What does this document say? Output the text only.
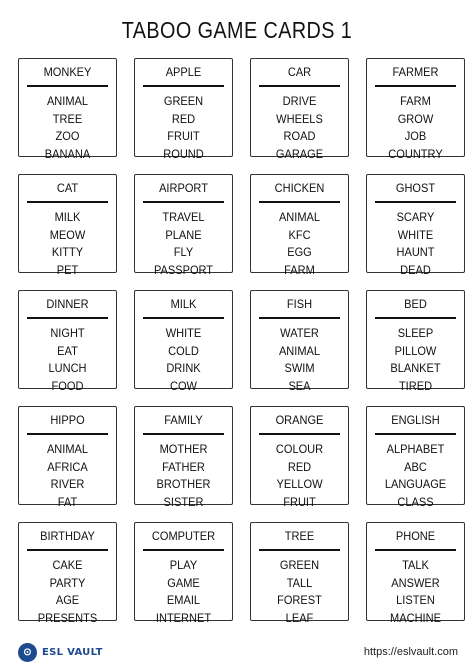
TABOO GAME CARDS 1
MONKEY
ANIMAL
TREE
ZOO
BANANA
APPLE
GREEN
RED
FRUIT
ROUND
CAR
DRIVE
WHEELS
ROAD
GARAGE
FARMER
FARM
GROW
JOB
COUNTRY
CAT
MILK
MEOW
KITTY
PET
AIRPORT
TRAVEL
PLANE
FLY
PASSPORT
CHICKEN
ANIMAL
KFC
EGG
FARM
GHOST
SCARY
WHITE
HAUNT
DEAD
DINNER
NIGHT
EAT
LUNCH
FOOD
MILK
WHITE
COLD
DRINK
COW
FISH
WATER
ANIMAL
SWIM
SEA
BED
SLEEP
PILLOW
BLANKET
TIRED
HIPPO
ANIMAL
AFRICA
RIVER
FAT
FAMILY
MOTHER
FATHER
BROTHER
SISTER
ORANGE
COLOUR
RED
YELLOW
FRUIT
ENGLISH
ALPHABET
ABC
LANGUAGE
CLASS
BIRTHDAY
CAKE
PARTY
AGE
PRESENTS
COMPUTER
PLAY
GAME
EMAIL
INTERNET
TREE
GREEN
TALL
FOREST
LEAF
PHONE
TALK
ANSWER
LISTEN
MACHINE
⊙	ESL VAULT	https://eslvault.com
